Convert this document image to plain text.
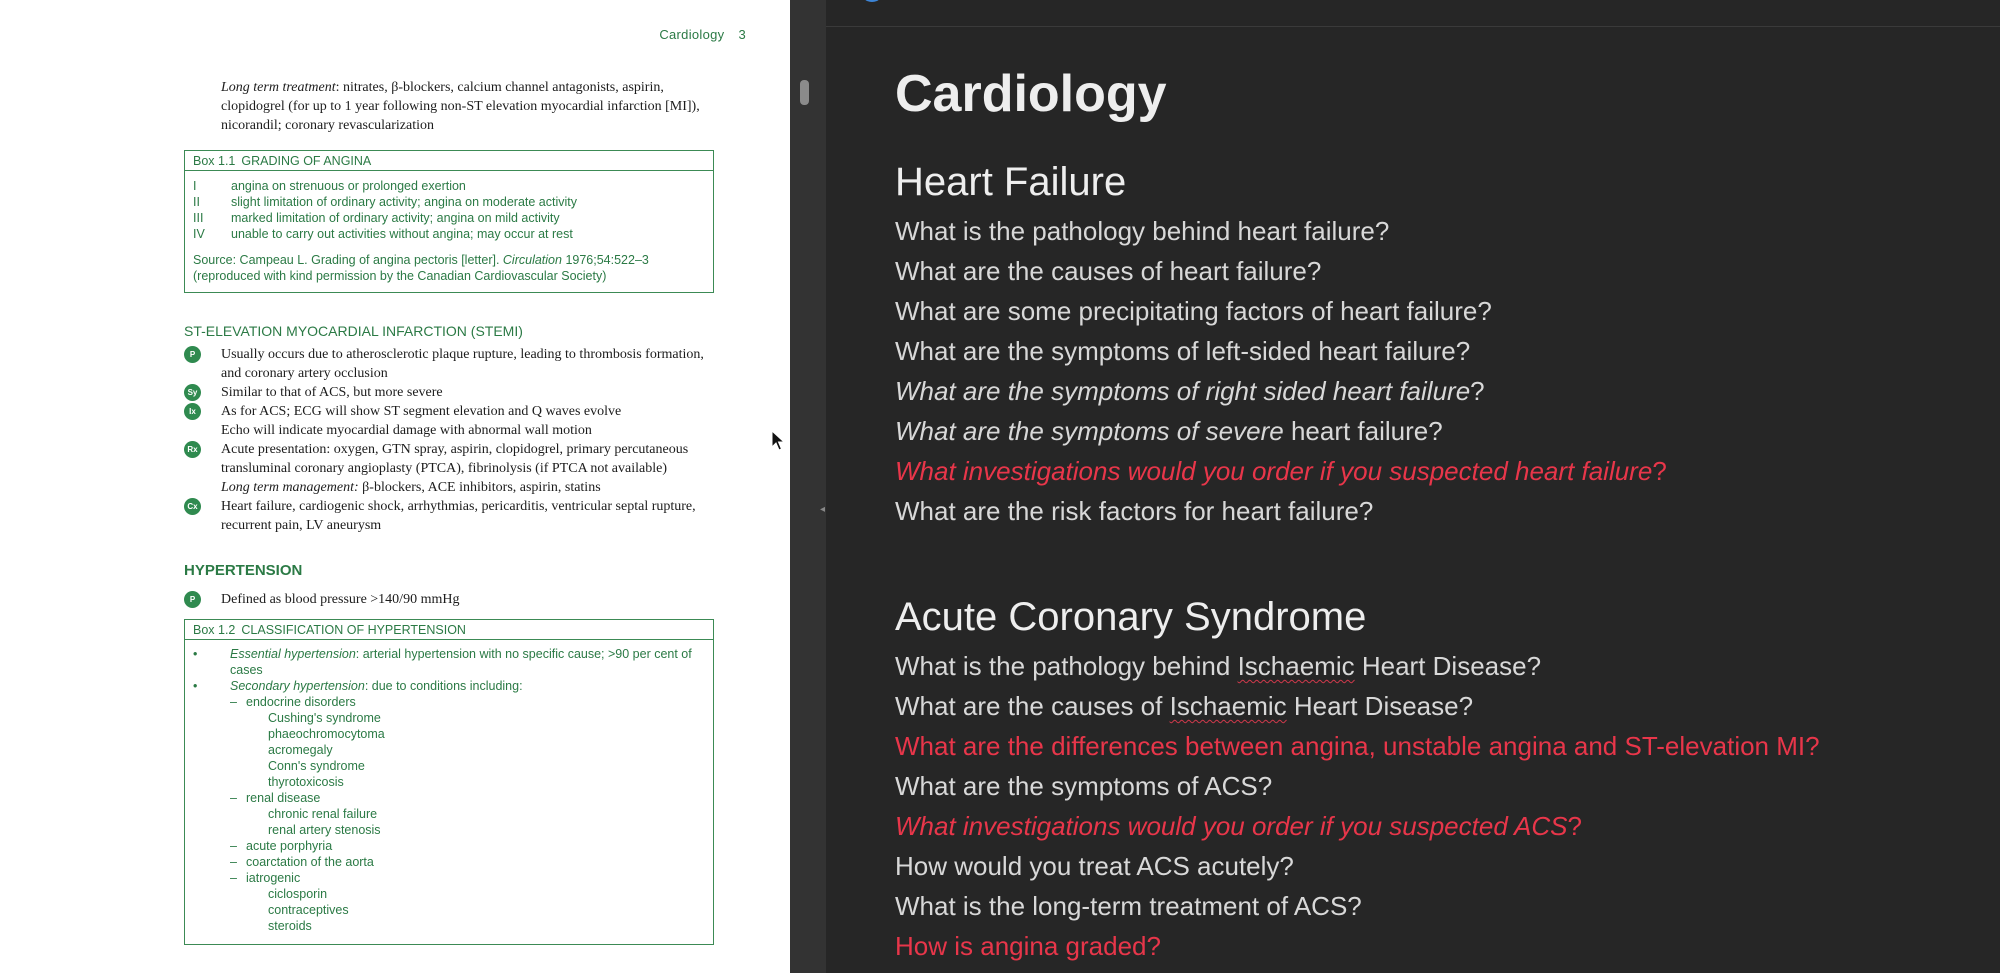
Cardiology 3
Long term treatment: nitrates, β-blockers, calcium channel antagonists, aspirin, clopidogrel (for up to 1 year following non-ST elevation myocardial infarction [MI]), nicorandil; coronary revascularization
Box 1.1 GRADING OF ANGINA
I	angina on strenuous or prolonged exertion
II	slight limitation of ordinary activity; angina on moderate activity
III	marked limitation of ordinary activity; angina on mild activity
IV	unable to carry out activities without angina; may occur at rest
Source: Campeau L. Grading of angina pectoris [letter]. Circulation 1976;54:522–3
(reproduced with kind permission by the Canadian Cardiovascular Society)
ST-ELEVATION MYOCARDIAL INFARCTION (STEMI)
P	Usually occurs due to atherosclerotic plaque rupture, leading to thrombosis formation, and coronary artery occlusion
Sy Similar to that of ACS, but more severe
Ix	As for ACS; ECG will show ST segment elevation and Q waves evolve
Echo will indicate myocardial damage with abnormal wall motion
Rx Acute presentation: oxygen, GTN spray, aspirin, clopidogrel, primary percutaneous transluminal coronary angioplasty (PTCA), fibrinolysis (if PTCA not available)
Long term management: β-blockers, ACE inhibitors, aspirin, statins
Cx Heart failure, cardiogenic shock, arrhythmias, pericarditis, ventricular septal rupture, recurrent pain, LV aneurysm
HYPERTENSION
P	Defined as blood pressure >140/90 mmHg
Box 1.2 CLASSIFICATION OF HYPERTENSION
•	Essential hypertension: arterial hypertension with no specific cause; >90 per cent of cases
•	Secondary hypertension: due to conditions including:
– endocrine disorders
Cushing's syndrome
phaeochromocytoma
acromegaly
Conn's syndrome
thyrotoxicosis
– renal disease
chronic renal failure
renal artery stenosis
– acute porphyria
– coarctation of the aorta
– iatrogenic
ciclosporin
contraceptives
steroids
◂
Cardiology
Heart Failure
What is the pathology behind heart failure?
What are the causes of heart failure?
What are some precipitating factors of heart failure?
What are the symptoms of left-sided heart failure?
What are the symptoms of right sided heart failure?
What are the symptoms of severe heart failure?
What investigations would you order if you suspected heart failure?
What are the risk factors for heart failure?
Acute Coronary Syndrome
What is the pathology behind Ischaemic Heart Disease?
What are the causes of Ischaemic Heart Disease?
What are the differences between angina, unstable angina and ST-elevation MI?
What are the symptoms of ACS?
What investigations would you order if you suspected ACS?
How would you treat ACS acutely?
What is the long-term treatment of ACS?
How is angina graded?
